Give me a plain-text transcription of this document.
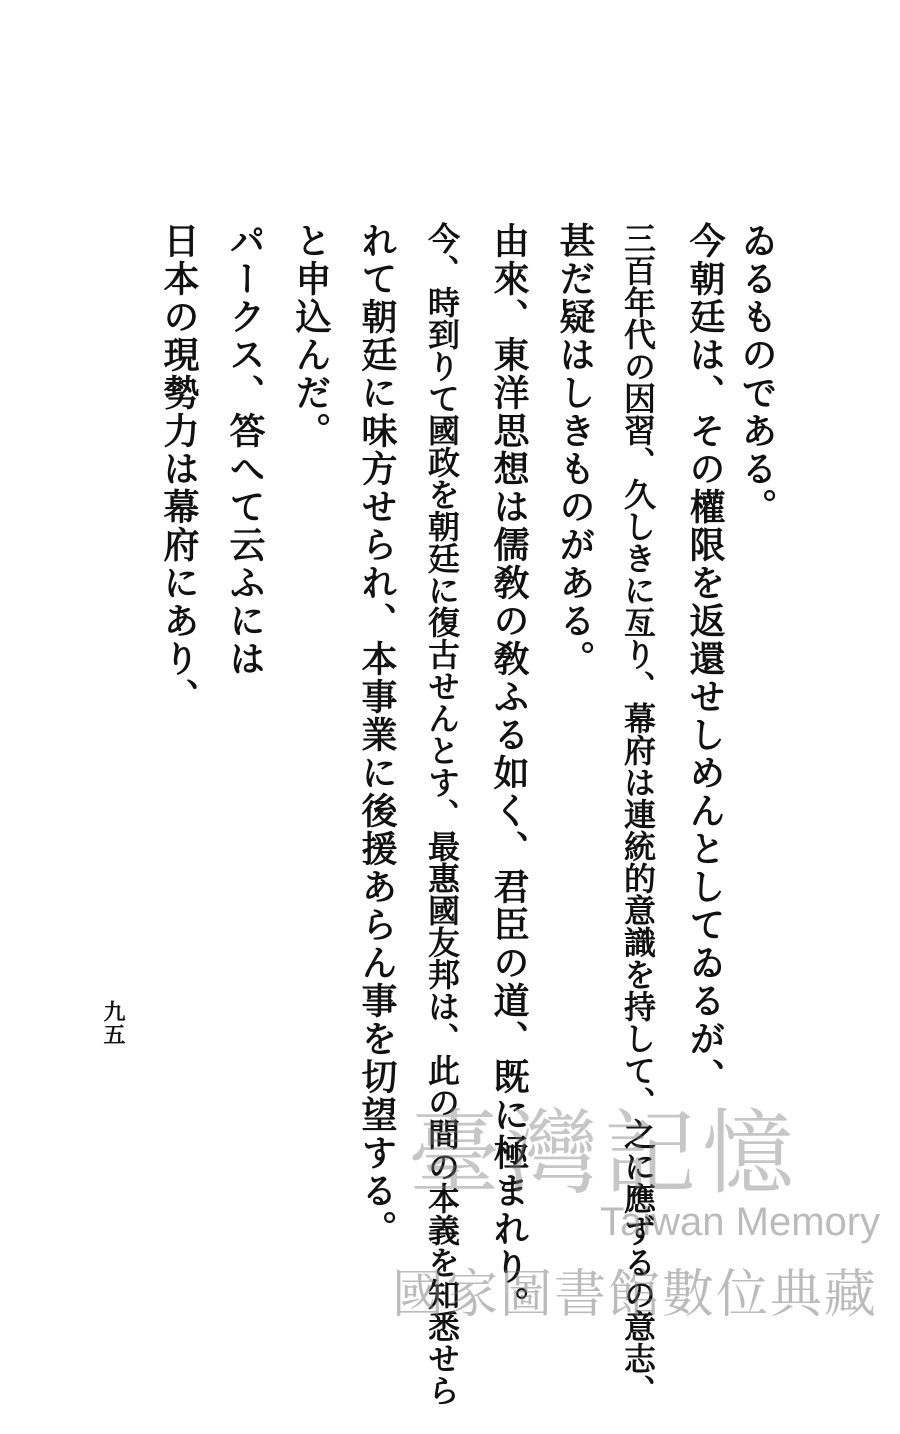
ゐるものである。
今朝廷は、その權限を返還せしめんとしてゐるが、
三百年代の因習、久しきに亙り、幕府は連統的意識を持して、之に應ずるの意志、
甚だ疑はしきものがある。
由來、東洋思想は儒敎の敎ふる如く、君臣の道、既に極まれり。
今、時到りて國政を朝廷に復古せんとす、最惠國友邦は、此の間の本義を知悉せら
れて朝廷に味方せられ、本事業に後援あらん事を切望する。
と申込んだ。
パークス、答へて云ふには
日本の現勢力は幕府にあり、
九五
臺灣記憶
Taiwan Memory
國家圖書館數位典藏
